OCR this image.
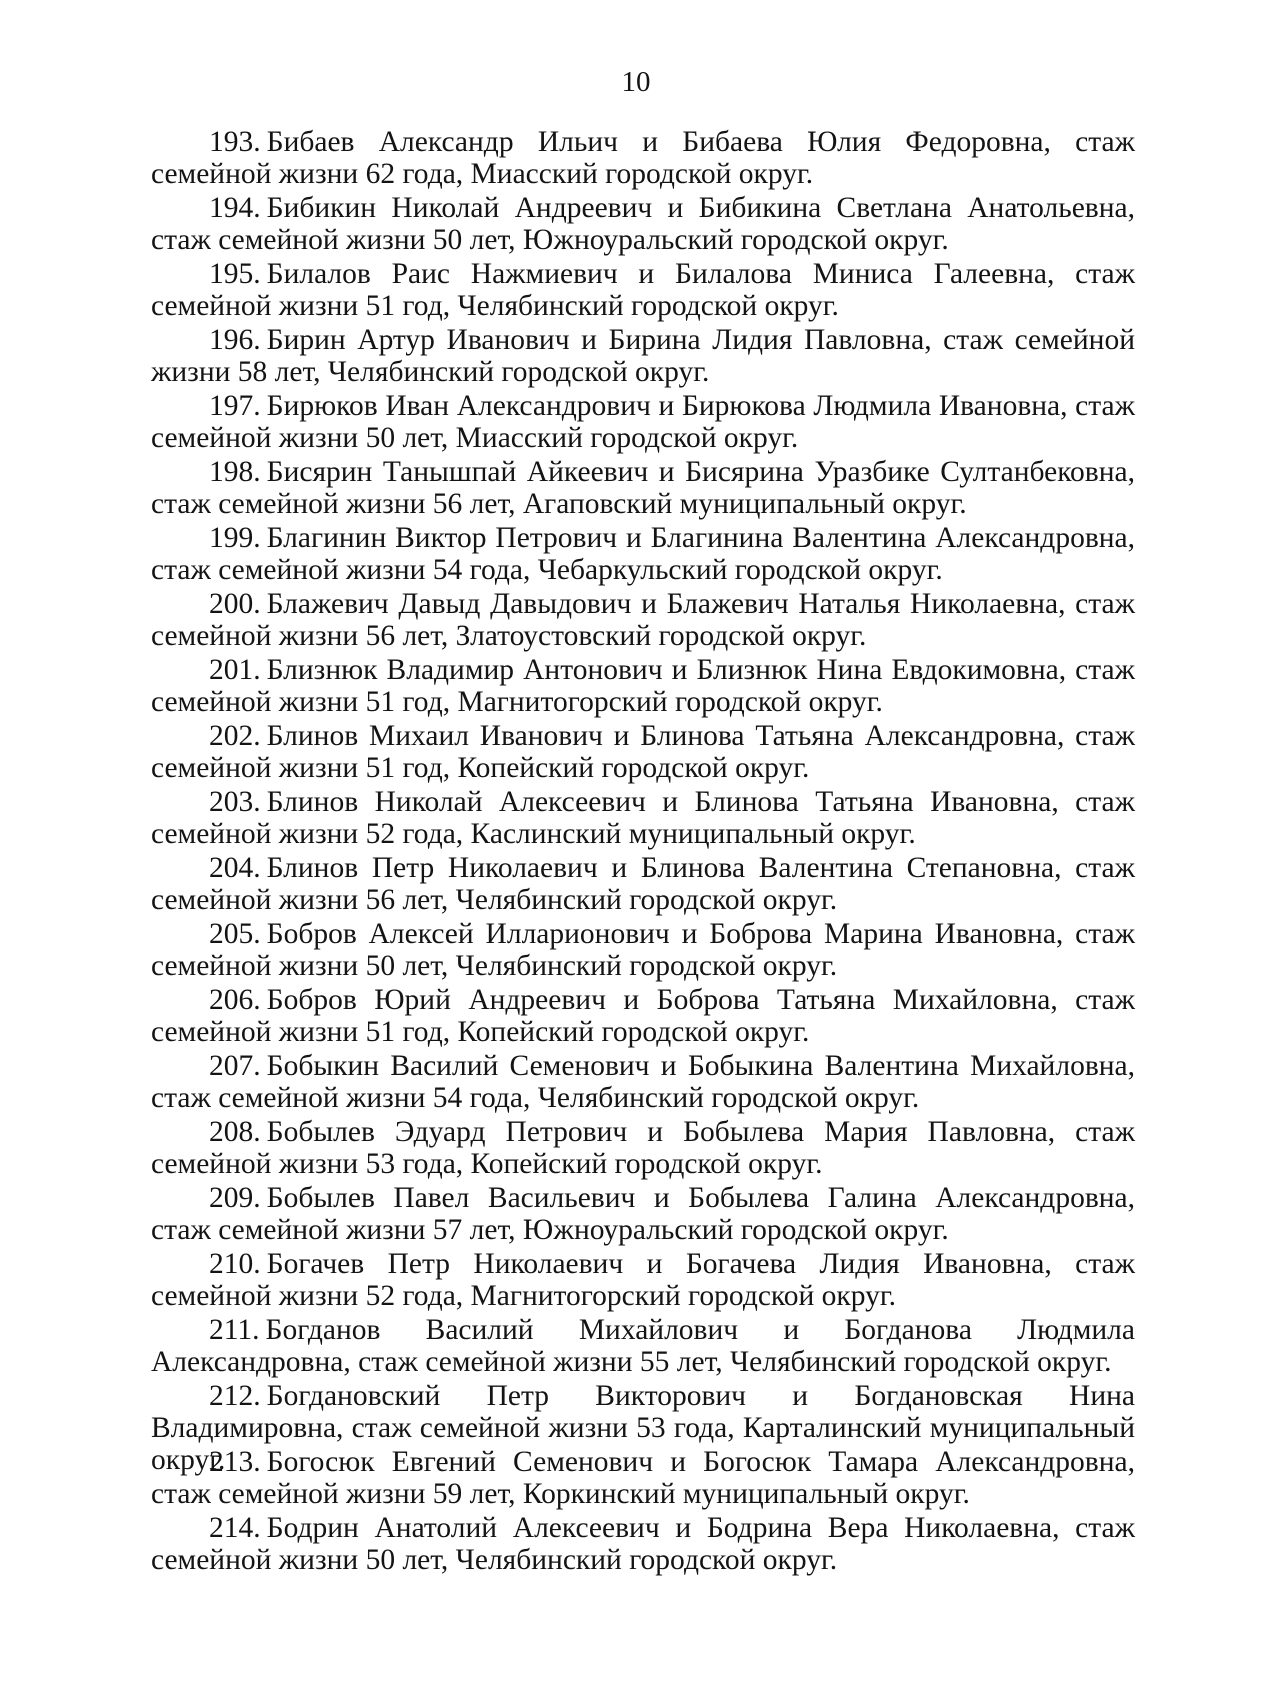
10
193. Бибаев Александр Ильич и Бибаева Юлия Федоровна, стаж семейной жизни 62 года, Миасский городской округ.
194. Бибикин Николай Андреевич и Бибикина Светлана Анатольевна, стаж семейной жизни 50 лет, Южноуральский городской округ.
195. Билалов Раис Нажмиевич и Билалова Миниса Галеевна, стаж семейной жизни 51 год, Челябинский городской округ.
196. Бирин Артур Иванович и Бирина Лидия Павловна, стаж семейной жизни 58 лет, Челябинский городской округ.
197. Бирюков Иван Александрович и Бирюкова Людмила Ивановна, стаж семейной жизни 50 лет, Миасский городской округ.
198. Бисярин Танышпай Айкеевич и Бисярина Уразбике Султанбековна, стаж семейной жизни 56 лет, Агаповский муниципальный округ.
199. Благинин Виктор Петрович и Благинина Валентина Александровна, стаж семейной жизни 54 года, Чебаркульский городской округ.
200. Блажевич Давыд Давыдович и Блажевич Наталья Николаевна, стаж семейной жизни 56 лет, Златоустовский городской округ.
201. Близнюк Владимир Антонович и Близнюк Нина Евдокимовна, стаж семейной жизни 51 год, Магнитогорский городской округ.
202. Блинов Михаил Иванович и Блинова Татьяна Александровна, стаж семейной жизни 51 год, Копейский городской округ.
203. Блинов Николай Алексеевич и Блинова Татьяна Ивановна, стаж семейной жизни 52 года, Каслинский муниципальный округ.
204. Блинов Петр Николаевич и Блинова Валентина Степановна, стаж семейной жизни 56 лет, Челябинский городской округ.
205. Бобров Алексей Илларионович и Боброва Марина Ивановна, стаж семейной жизни 50 лет, Челябинский городской округ.
206. Бобров Юрий Андреевич и Боброва Татьяна Михайловна, стаж семейной жизни 51 год, Копейский городской округ.
207. Бобыкин Василий Семенович и Бобыкина Валентина Михайловна, стаж семейной жизни 54 года, Челябинский городской округ.
208. Бобылев Эдуард Петрович и Бобылева Мария Павловна, стаж семейной жизни 53 года, Копейский городской округ.
209. Бобылев Павел Васильевич и Бобылева Галина Александровна, стаж семейной жизни 57 лет, Южноуральский городской округ.
210. Богачев Петр Николаевич и Богачева Лидия Ивановна, стаж семейной жизни 52 года, Магнитогорский городской округ.
211. Богданов Василий Михайлович и Богданова Людмила Александровна, стаж семейной жизни 55 лет, Челябинский городской округ.
212. Богдановский Петр Викторович и Богдановская Нина Владимировна, стаж семейной жизни 53 года, Карталинский муниципальный округ.
213. Богосюк Евгений Семенович и Богосюк Тамара Александровна, стаж семейной жизни 59 лет, Коркинский муниципальный округ.
214. Бодрин Анатолий Алексеевич и Бодрина Вера Николаевна, стаж семейной жизни 50 лет, Челябинский городской округ.
